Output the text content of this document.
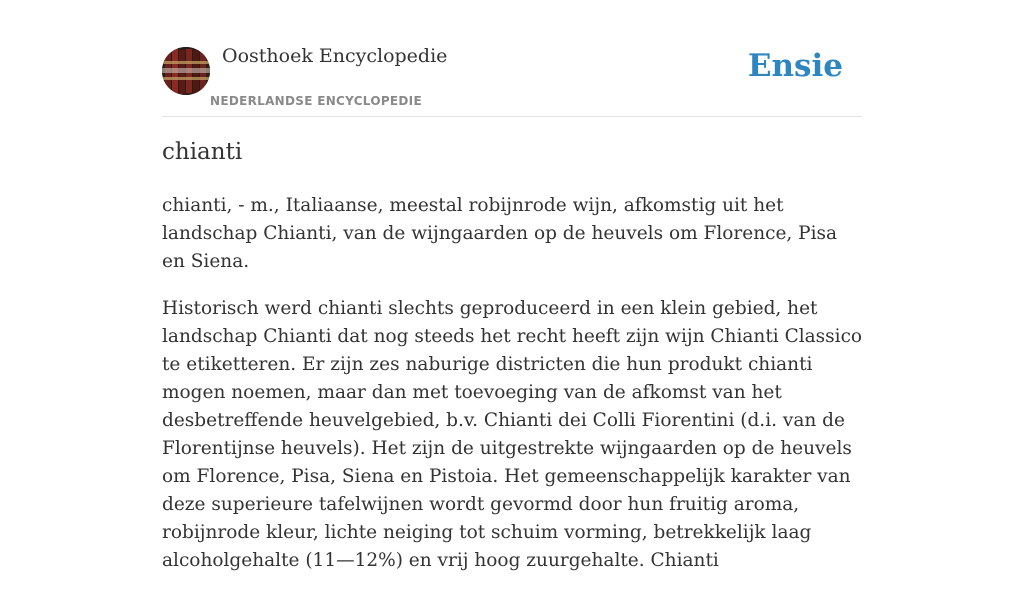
Oosthoek Encyclopedie
NEDERLANDSE ENCYCLOPEDIE
Ensie
chianti

chianti, - m., Italiaanse, meestal robijnrode wijn, afkomstig uit het landschap Chianti, van de wijngaarden op de heuvels om Florence, Pisa en Siena.

Historisch werd chianti slechts geproduceerd in een klein gebied, het landschap Chianti dat nog steeds het recht heeft zijn wijn Chianti Classico te etiketteren. Er zijn zes naburige districten die hun produkt chianti mogen noemen, maar dan met toevoeging van de afkomst van het desbetreffende heuvelgebied, b.v. Chianti dei Colli Fiorentini (d.i. van de Florentijnse heuvels). Het zijn de uitgestrekte wijngaarden op de heuvels om Florence, Pisa, Siena en Pistoia. Het gemeenschappelijk karakter van deze superieure tafelwijnen wordt gevormd door hun fruitig aroma, robijnrode kleur, lichte neiging tot schuim vorming, betrekkelijk laag alcoholgehalte (11—12%) en vrij hoog zuurgehalte. Chianti
